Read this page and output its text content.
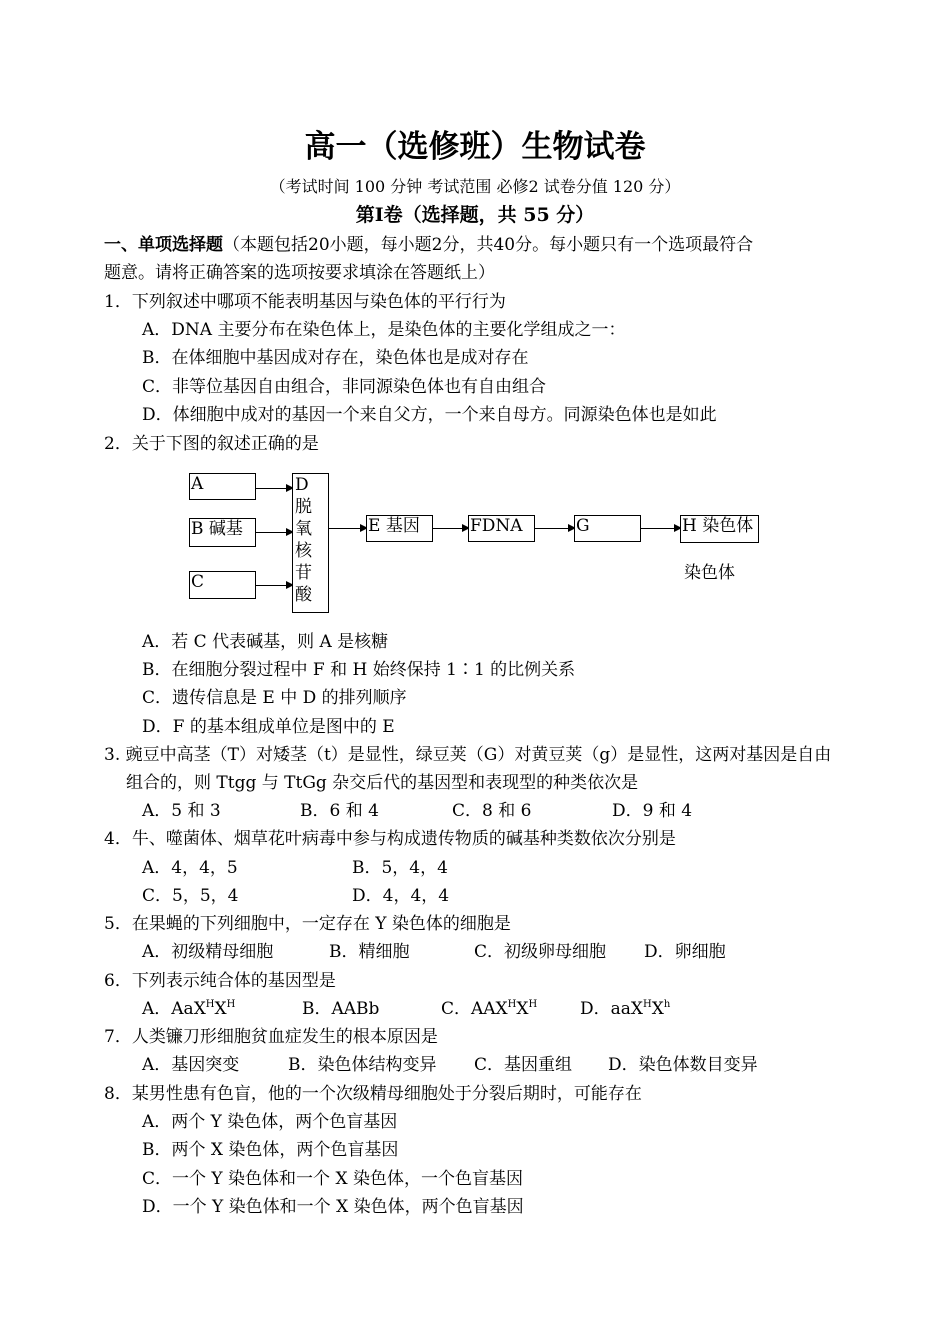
高一（选修班）生物试卷
（考试时间 100 分钟 考试范围 必修2 试卷分值 120 分）
第Ⅰ卷（选择题，共 55 分）
一、单项选择题（本题包括20小题，每小题2分，共40分。每小题只有一个选项最符合
题意。请将正确答案的选项按要求填涂在答题纸上）
1．下列叙述中哪项不能表明基因与染色体的平行行为
A．DNA 主要分布在染色体上，是染色体的主要化学组成之一：
B．在体细胞中基因成对存在，染色体也是成对存在
C．非等位基因自由组合，非同源染色体也有自由组合
D．体细胞中成对的基因一个来自父方，一个来自母方。同源染色体也是如此
2．关于下图的叙述正确的是
A
B 碱基
C
D
脱
氧
核
苷
酸
E 基因	FDNA	G	H 染色体
染色体
A．若 C 代表碱基，则 A 是核糖
B．在细胞分裂过程中 F 和 H 始终保持 1∶1 的比例关系
C．遗传信息是 E 中 D 的排列顺序
D．F 的基本组成单位是图中的 E
3. 豌豆中高茎（T）对矮茎（t）是显性，绿豆荚（G）对黄豆荚（g）是显性，这两对基因是自由
组合的，则 Ttgg 与 TtGg 杂交后代的基因型和表现型的种类依次是
A．5 和 3	B．6 和 4	C．8 和 6	D．9 和 4
4．牛、噬菌体、烟草花叶病毒中参与构成遗传物质的碱基种类数依次分别是
A．4，4，5	B．5，4，4
C．5，5，4	D．4，4，4
5．在果蝇的下列细胞中，一定存在 Y 染色体的细胞是
A．初级精母细胞	B．精细胞	C．初级卵母细胞 D．卵细胞
6．下列表示纯合体的基因型是
A．$AaX^HX^H$	B．AABb	C．$AAX^HX^H$	D．$aaX^HX^h$
7．人类镰刀形细胞贫血症发生的根本原因是
A．基因突变	B．染色体结构变异 C．基因重组 D．染色体数目变异
8．某男性患有色盲，他的一个次级精母细胞处于分裂后期时，可能存在
A．两个 Y 染色体，两个色盲基因
B．两个 X 染色体，两个色盲基因
C．一个 Y 染色体和一个 X 染色体，一个色盲基因
D．一个 Y 染色体和一个 X 染色体，两个色盲基因
